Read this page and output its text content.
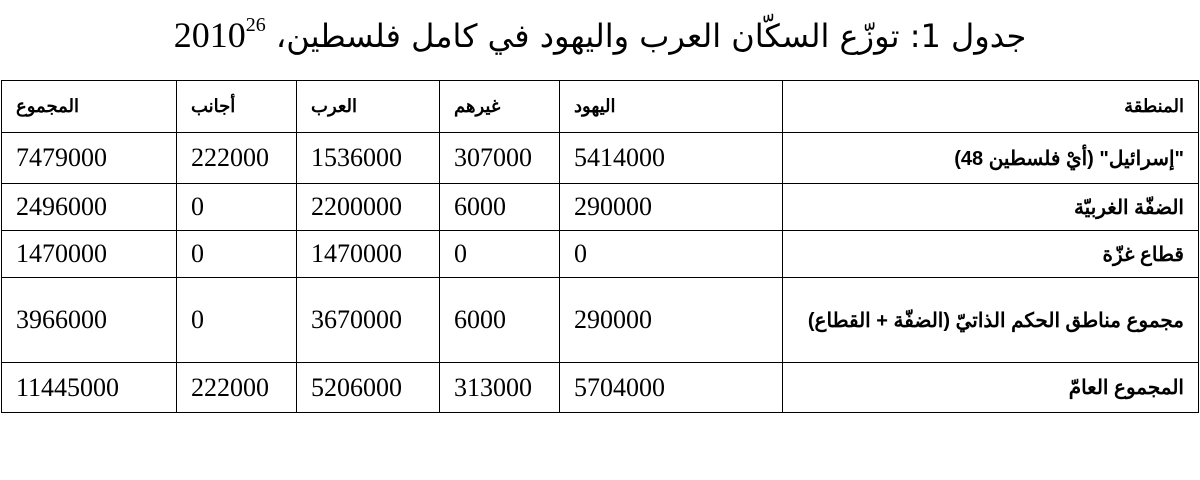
جدول 1: توزّع السكّان العرب واليهود في كامل فلسطين، 2010$^{26}$
المنطقة	اليهود	غيرهم	العرب	أجانب	المجموع
"إسرائيل" (أيْ فلسطين 48)	5414000	307000	1536000	222000	7479000
الضفّة الغربيّة	290000	6000	2200000	0	2496000
قطاع غزّة	0	0	1470000	0	1470000
مجموع مناطق الحكم الذاتيّ (الضفّة + القطاع)	290000	6000	3670000	0	3966000
المجموع العامّ	5704000	313000	5206000	222000	11445000
